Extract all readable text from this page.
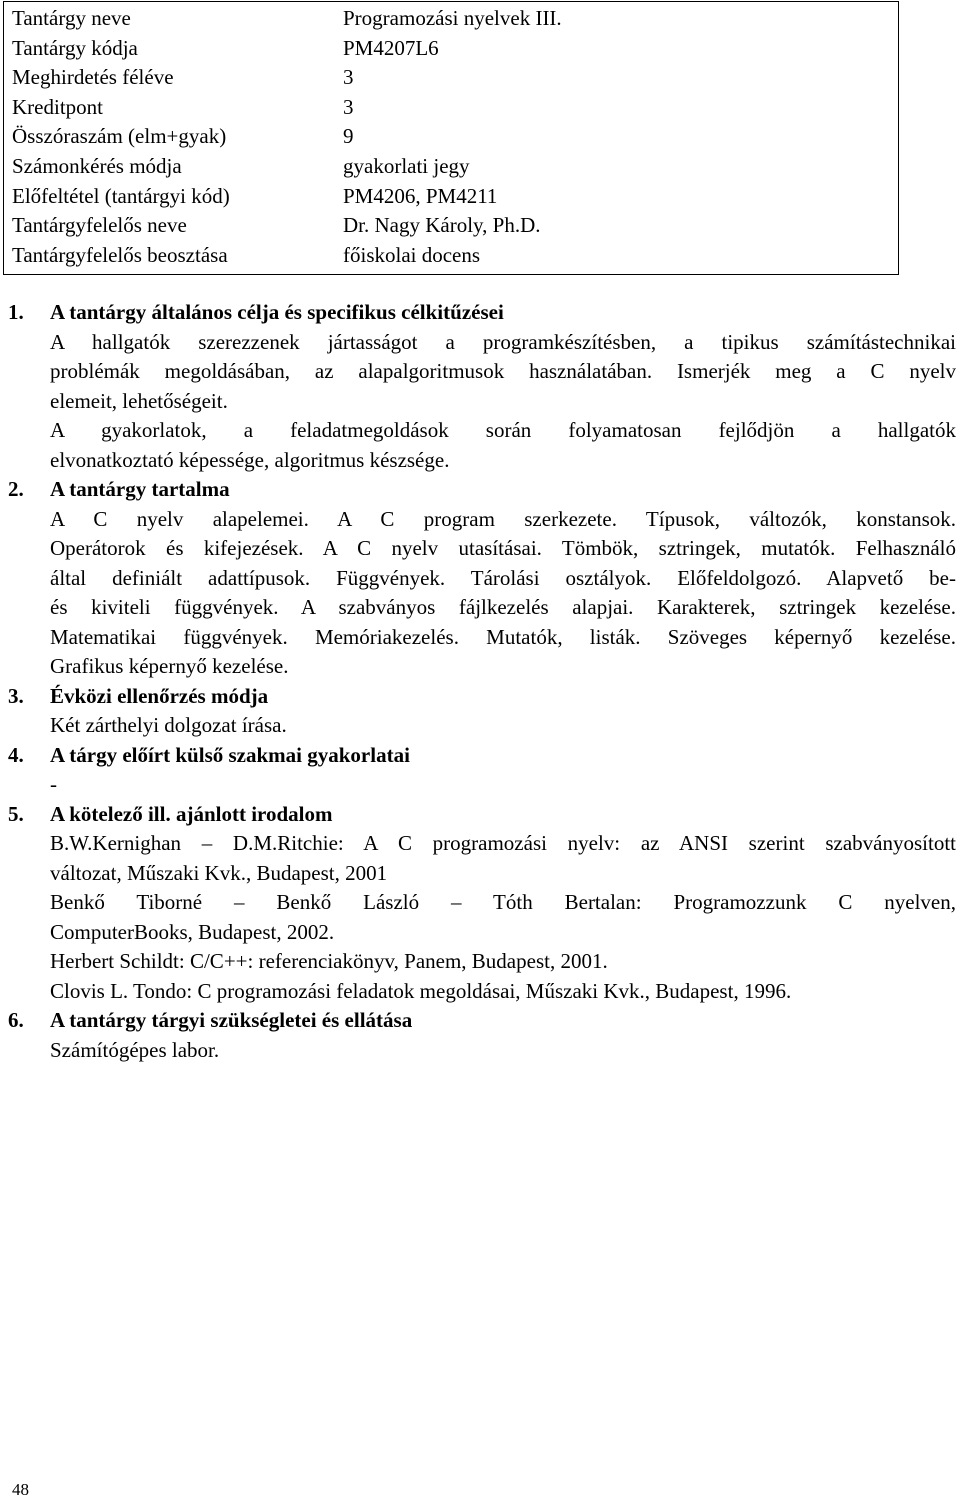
Tantárgy neve	Programozási nyelvek III.
Tantárgy kódja	PM4207L6
Meghirdetés féléve	3
Kreditpont	3
Összóraszám (elm+gyak)	9
Számonkérés módja	gyakorlati jegy
Előfeltétel (tantárgyi kód)	PM4206, PM4211
Tantárgyfelelős neve	Dr. Nagy Károly, Ph.D.
Tantárgyfelelős beosztása	főiskolai docens
1.	A tantárgy általános célja és specifikus célkitűzései
A hallgatók szerezzenek jártasságot a programkészítésben, a tipikus számítástechnikai
problémák megoldásában, az alapalgoritmusok használatában. Ismerjék meg a C nyelv
elemeit, lehetőségeit.
A gyakorlatok, a feladatmegoldások során folyamatosan fejlődjön a hallgatók
elvonatkoztató képessége, algoritmus készsége.
2.	A tantárgy tartalma
A C nyelv alapelemei. A C program szerkezete. Típusok, változók, konstansok.
Operátorok és kifejezések. A C nyelv utasításai. Tömbök, sztringek, mutatók. Felhasználó
által definiált adattípusok. Függvények. Tárolási osztályok. Előfeldolgozó. Alapvető be-
és kiviteli függvények. A szabványos fájlkezelés alapjai. Karakterek, sztringek kezelése.
Matematikai függvények. Memóriakezelés. Mutatók, listák. Szöveges képernyő kezelése.
Grafikus képernyő kezelése.
3.	Évközi ellenőrzés módja
Két zárthelyi dolgozat írása.
4.	A tárgy előírt külső szakmai gyakorlatai
-
5.	A kötelező ill. ajánlott irodalom
B.W.Kernighan – D.M.Ritchie: A C programozási nyelv: az ANSI szerint szabványosított
változat, Műszaki Kvk., Budapest, 2001
Benkő Tiborné – Benkő László – Tóth Bertalan: Programozzunk C nyelven,
ComputerBooks, Budapest, 2002.
Herbert Schildt: C/C++: referenciakönyv, Panem, Budapest, 2001.
Clovis L. Tondo: C programozási feladatok megoldásai, Műszaki Kvk., Budapest, 1996.
6.	A tantárgy tárgyi szükségletei és ellátása
Számítógépes labor.
48
